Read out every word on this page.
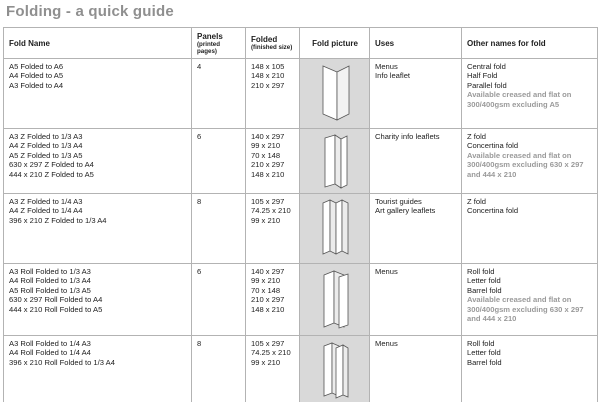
Folding - a quick guide
Fold Name	Panels
(printed pages)	Folded
(finished size)	Fold picture	Uses	Other names for fold

A5 Folded to A6
A4 Folded to A5
A3 Folded to A4	4	148 x 105
148 x 210
210 x 297		Menus
Info leaflet	Central fold
Half Fold
Parallel fold
Available creased and flat on 300/400gsm excluding A5

A3 Z Folded to 1/3 A3
A4 Z Folded to 1/3 A4
A5 Z Folded to 1/3 A5
630 x 297 Z Folded to A4
444 x 210 Z Folded to A5	6	140 x 297
99 x 210
70 x 148
210 x 297
148 x 210		Charity info leaflets	Z fold
Concertina fold
Available creased and flat on 300/400gsm excluding 630 x 297 and 444 x 210

A3 Z Folded to 1/4 A3
A4 Z Folded to 1/4 A4
396 x 210 Z Folded to 1/3 A4	8	105 x 297
74.25 x 210
99 x 210		Tourist guides
Art gallery leaflets	Z fold
Concertina fold

A3 Roll Folded to 1/3 A3
A4 Roll Folded to 1/3 A4
A5 Roll Folded to 1/3 A5
630 x 297 Roll Folded to A4
444 x 210 Roll Folded to A5	6	140 x 297
99 x 210
70 x 148
210 x 297
148 x 210		Menus	Roll fold
Letter fold
Barrel fold
Available creased and flat on 300/400gsm excluding 630 x 297 and 444 x 210

A3 Roll Folded to 1/4 A3
A4 Roll Folded to 1/4 A4
396 x 210 Roll Folded to 1/3 A4	8	105 x 297
74.25 x 210
99 x 210		Menus	Roll fold
Letter fold
Barrel fold
